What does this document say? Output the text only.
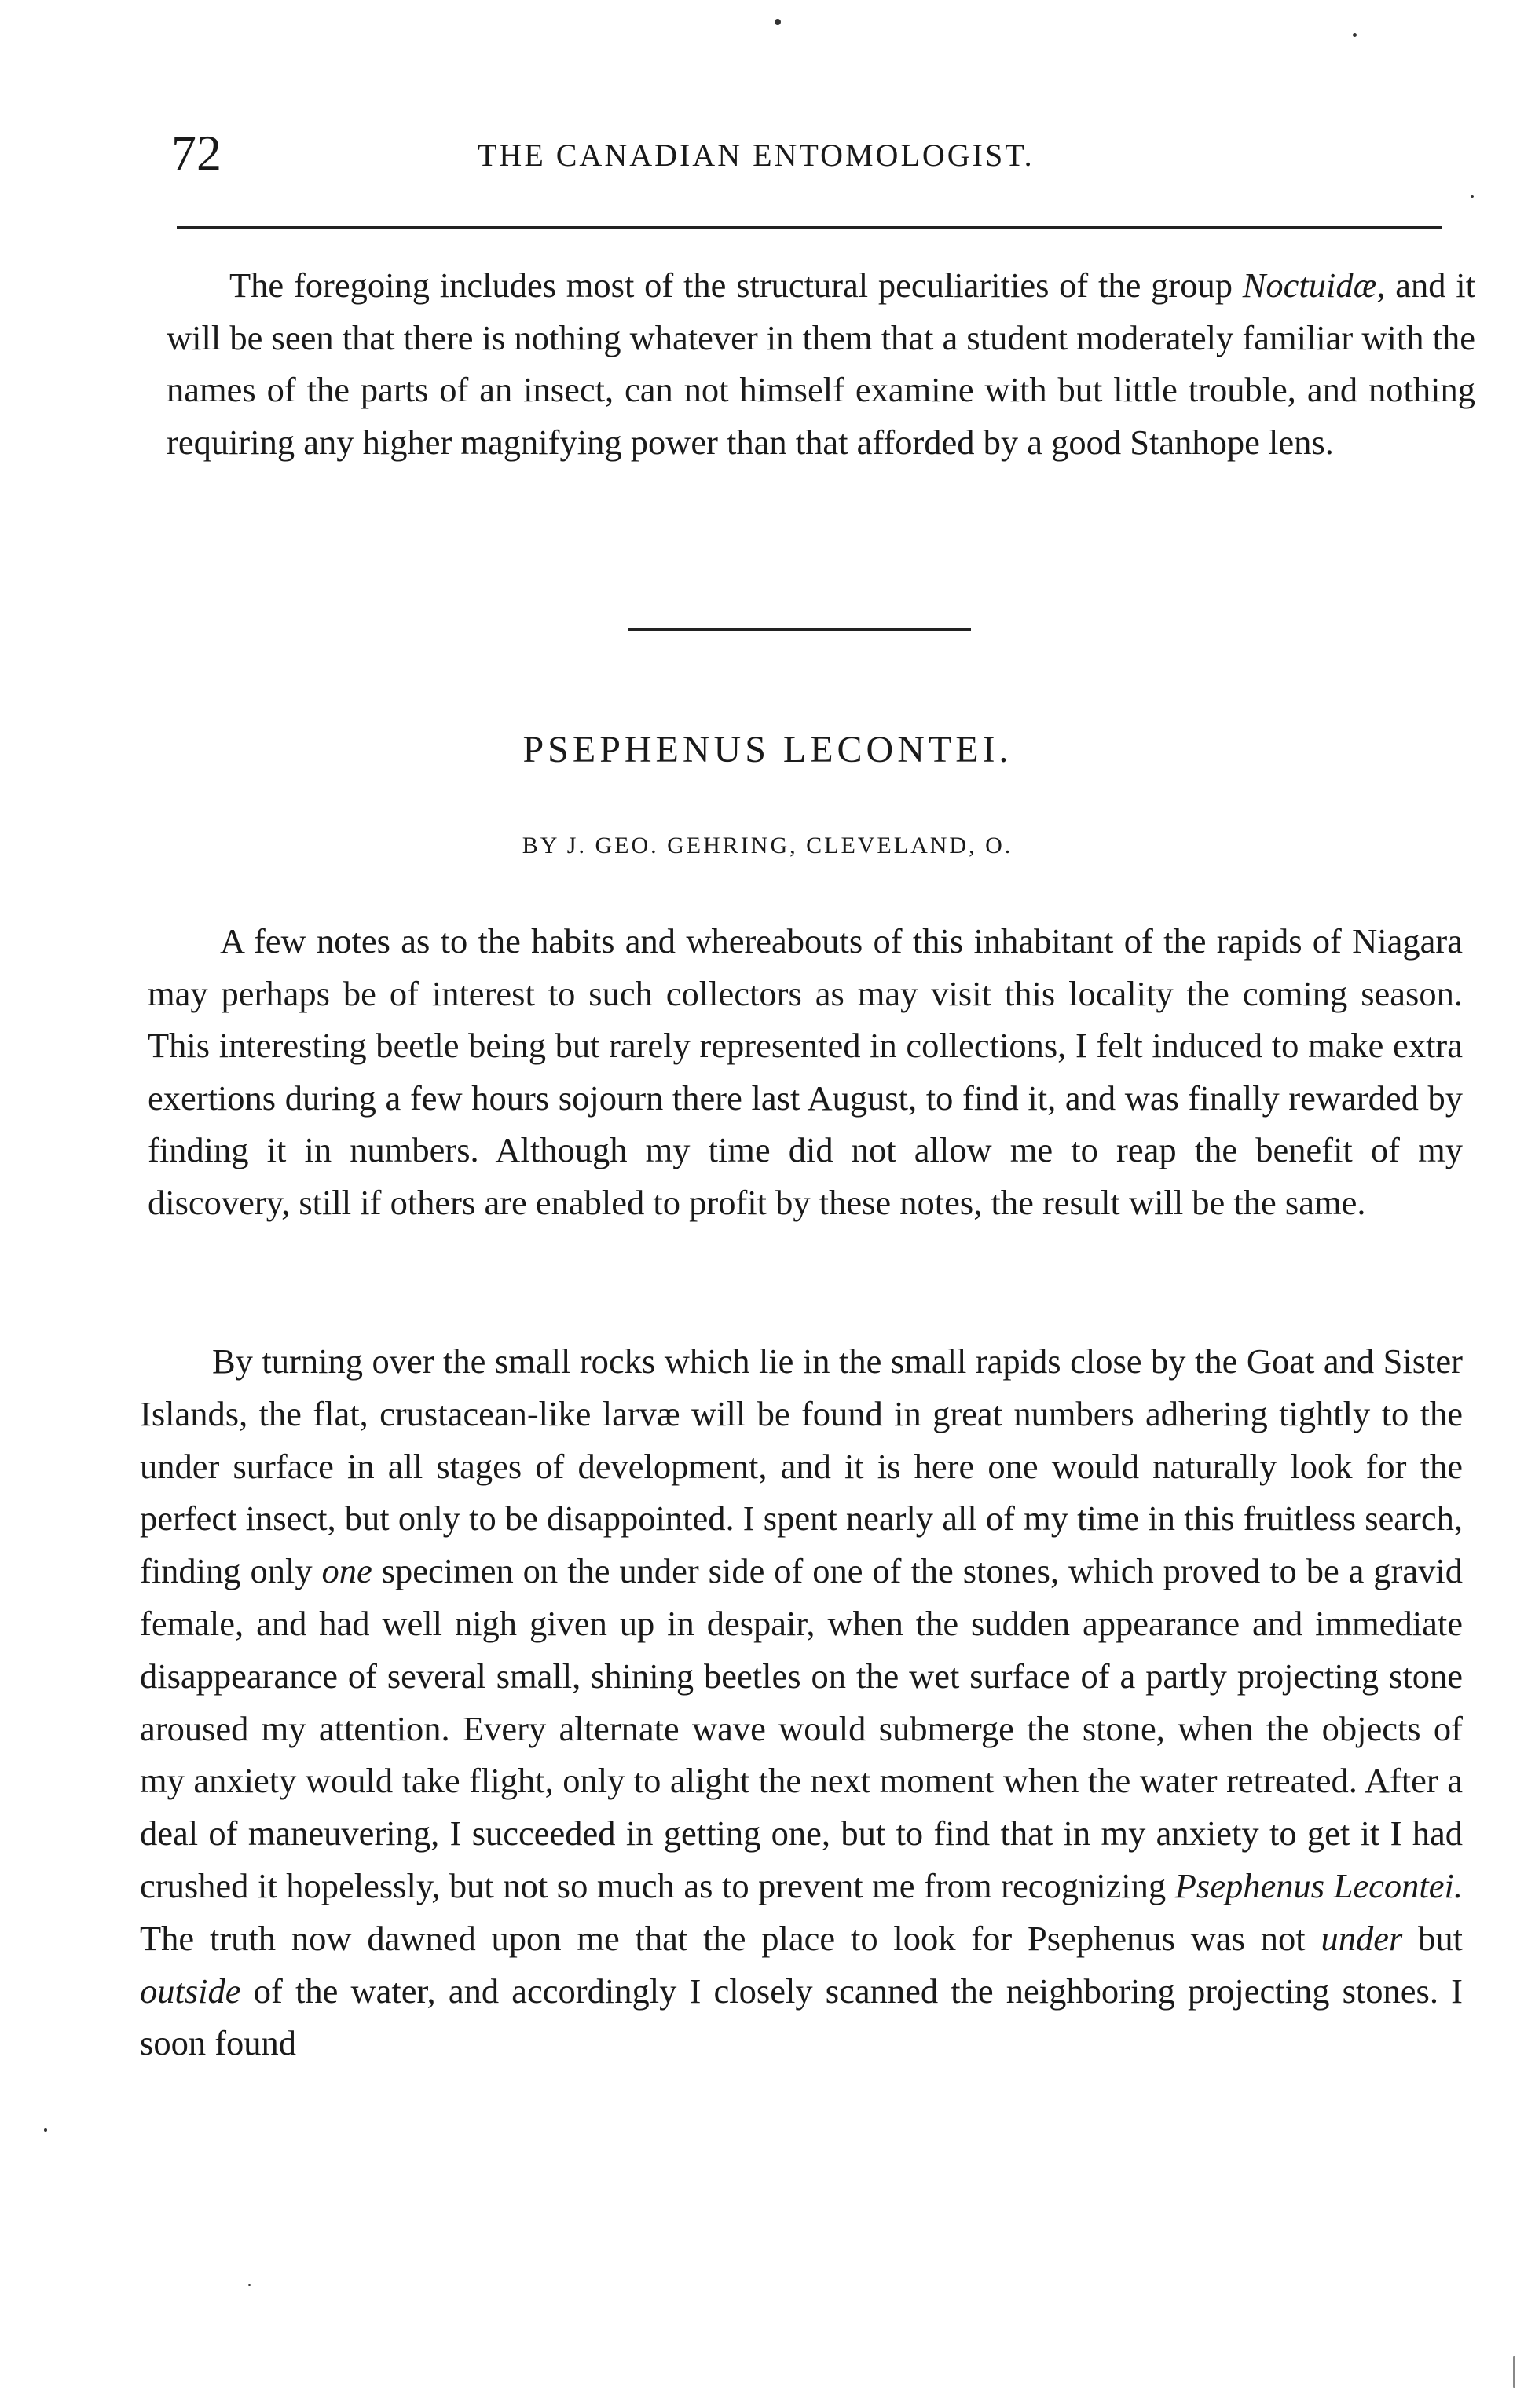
72	THE CANADIAN ENTOMOLOGIST.

The foregoing includes most of the structural peculiarities of the group Noctuidæ, and it will be seen that there is nothing whatever in them that a student moderately familiar with the names of the parts of an insect, can not himself examine with but little trouble, and nothing requiring any higher magnifying power than that afforded by a good Stanhope lens.

PSEPHENUS LECONTEI.
BY J. GEO. GEHRING, CLEVELAND, O.

A few notes as to the habits and whereabouts of this inhabitant of the rapids of Niagara may perhaps be of interest to such collectors as may visit this locality the coming season. This interesting beetle being but rarely represented in collections, I felt induced to make extra exertions during a few hours sojourn there last August, to find it, and was finally rewarded by finding it in numbers. Although my time did not allow me to reap the benefit of my discovery, still if others are enabled to profit by these notes, the result will be the same.

By turning over the small rocks which lie in the small rapids close by the Goat and Sister Islands, the flat, crustacean-like larvæ will be found in great numbers adhering tightly to the under surface in all stages of development, and it is here one would naturally look for the perfect insect, but only to be disappointed. I spent nearly all of my time in this fruitless search, finding only one specimen on the under side of one of the stones, which proved to be a gravid female, and had well nigh given up in despair, when the sudden appearance and immediate disappearance of several small, shining beetles on the wet surface of a partly projecting stone aroused my attention. Every alternate wave would submerge the stone, when the objects of my anxiety would take flight, only to alight the next moment when the water retreated. After a deal of maneuvering, I succeeded in getting one, but to find that in my anxiety to get it I had crushed it hopelessly, but not so much as to prevent me from recognizing Psephenus Lecontei. The truth now dawned upon me that the place to look for Psephenus was not under but outside of the water, and accordingly I closely scanned the neighboring projecting stones. I soon found
